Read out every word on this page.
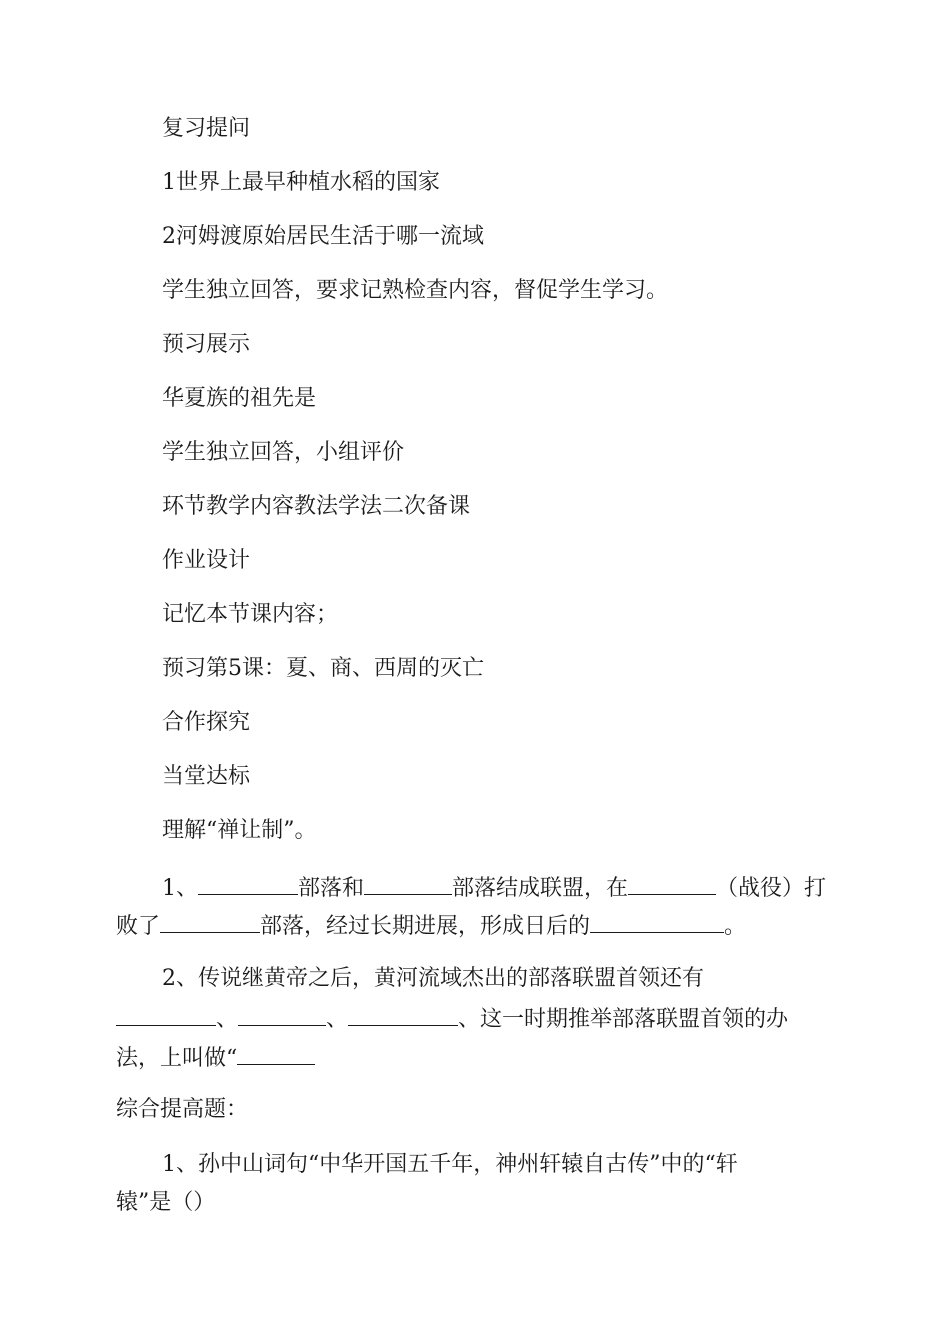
复习提问
1世界上最早种植水稻的国家
2河姆渡原始居民生活于哪一流域
学生独立回答，要求记熟检查内容，督促学生学习。
预习展示
华夏族的祖先是
学生独立回答，小组评价
环节教学内容教法学法二次备课
作业设计
记忆本节课内容；
预习第5课：夏、商、西周的灭亡
合作探究
当堂达标
理解“禅让制”。
1、	部落和	部落结成联盟，在	（战役）打
败了	部落，经过长期进展，形成日后的	。
2、传说继黄帝之后，黄河流域杰出的部落联盟首领还有
、	、	、这一时期推举部落联盟首领的办
法，上叫做“
综合提高题：
1、孙中山词句“中华开国五千年，神州轩辕自古传”中的“轩
辕”是（）
